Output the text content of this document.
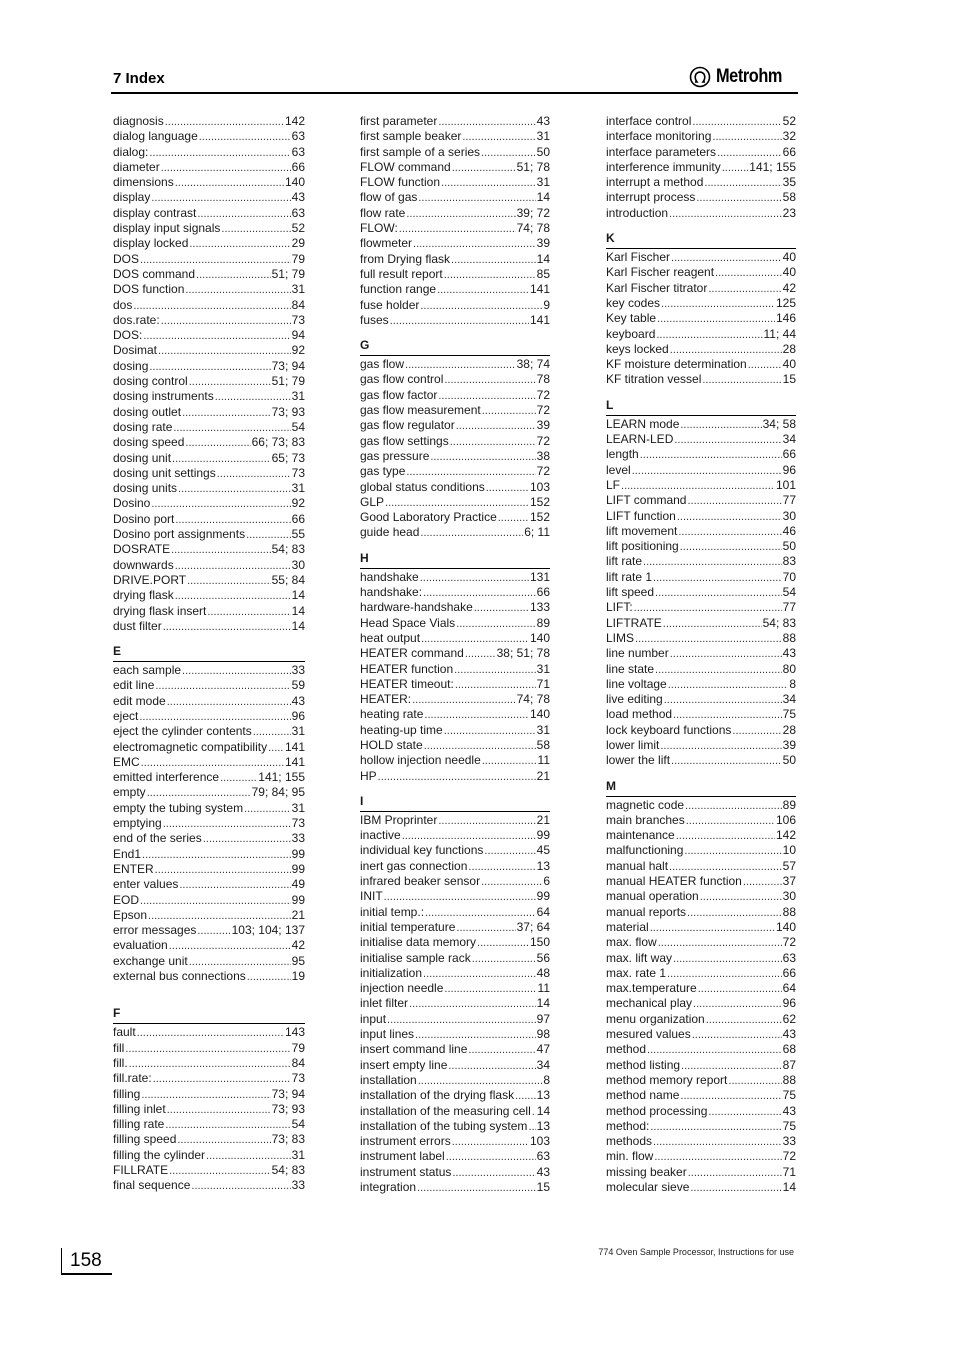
7 Index	Metrohm
diagnosis .....	142
dialog language .....	63
dialog: .....	63
diameter .....	66
dimensions .....	140
display .....	43
display contrast .....	63
display input signals .....	52
display locked .....	29
DOS .....	79
DOS command .....	51; 79
DOS function .....	31
dos .....	84
dos.rate: .....	73
DOS: .....	94
Dosimat .....	92
dosing .....	73; 94
dosing control .....	51; 79
dosing instruments .....	31
dosing outlet .....	73; 93
dosing rate .....	54
dosing speed .....	66; 73; 83
dosing unit .....	65; 73
dosing unit settings .....	73
dosing units .....	31
Dosino .....	92
Dosino port .....	66
Dosino port assignments .....	55
DOSRATE .....	54; 83
downwards .....	30
DRIVE.PORT .....	55; 84
drying flask .....	14
drying flask insert .....	14
dust filter .....	14
E
each sample .....	33
edit line .....	59
edit mode .....	43
eject .....	96
eject the cylinder contents .....	31
electromagnetic compatibility ..... 141
EMC .....	141
emitted interference .....	141; 155
empty .....	79; 84; 95
empty the tubing system .....	31
emptying .....	73
end of the series .....	33
End1 .....	99
ENTER .....	99
enter values .....	49
EOD .....	99
Epson .....	21
error messages .....	103; 104; 137
evaluation .....	42
exchange unit .....	95
external bus connections .....	19
F
fault .....	143
fill .....	79
fill. .....	84
fill.rate: .....	73
filling .....	73; 94
filling inlet .....	73; 93
filling rate .....	54
filling speed .....	73; 83
filling the cylinder .....	31
FILLRATE .....	54; 83
final sequence .....	33
first parameter .....	43
first sample beaker .....	31
first sample of a series .....	50
FLOW command .....	51; 78
FLOW function .....	31
flow of gas .....	14
flow rate .....	39; 72
FLOW: .....	74; 78
flowmeter .....	39
from Drying flask .....	14
full result report .....	85
function range .....	141
fuse holder .....	9
fuses .....	141
G
gas flow .....	38; 74
gas flow control .....	78
gas flow factor .....	72
gas flow measurement .....	72
gas flow regulator .....	39
gas flow settings .....	72
gas pressure .....	38
gas type .....	72
global status conditions .....	103
GLP .....	152
Good Laboratory Practice .....	152
guide head .....	6; 11
H
handshake .....	131
handshake: .....	66
hardware-handshake .....	133
Head Space Vials .....	89
heat output .....	140
HEATER command .....	38; 51; 78
HEATER function .....	31
HEATER timeout: .....	71
HEATER: .....	74; 78
heating rate .....	140
heating-up time .....	31
HOLD state .....	58
hollow injection needle .....	11
HP .....	21
I
IBM Proprinter .....	21
inactive .....	99
individual key functions .....	45
inert gas connection .....	13
infrared beaker sensor .....	6
INIT .....	99
initial temp.: .....	64
initial temperature .....	37; 64
initialise data memory .....	150
initialise sample rack .....	56
initialization .....	48
injection needle .....	11
inlet filter .....	14
input .....	97
input lines .....	98
insert command line .....	47
insert empty line .....	34
installation .....	8
installation of the drying flask ..... 13
installation of the measuring cell ..... 14
installation of the tubing system ..... 13
instrument errors .....	103
instrument label .....	63
instrument status .....	43
integration .....	15
interface control .....	52
interface monitoring .....	32
interface parameters .....	66
interference immunity ..... 141; 155
interrupt a method .....	35
interrupt process .....	58
introduction .....	23
K
Karl Fischer .....	40
Karl Fischer reagent .....	40
Karl Fischer titrator .....	42
key codes .....	125
Key table .....	146
keyboard .....	11; 44
keys locked .....	28
KF moisture determination .....	40
KF titration vessel .....	15
L
LEARN mode .....	34; 58
LEARN-LED .....	34
length .....	66
level .....	96
LF .....	101
LIFT command .....	77
LIFT function .....	30
lift movement .....	46
lift positioning .....	50
lift rate .....	83
lift rate 1 .....	70
lift speed .....	54
LIFT: .....	77
LIFTRATE .....	54; 83
LIMS .....	88
line number .....	43
line state .....	80
line voltage .....	8
live editing .....	34
load method .....	75
lock keyboard functions .....	28
lower limit .....	39
lower the lift .....	50
M
magnetic code .....	89
main branches .....	106
maintenance .....	142
malfunctioning .....	10
manual halt .....	57
manual HEATER function .....	37
manual operation .....	30
manual reports .....	88
material .....	140
max. flow .....	72
max. lift way .....	63
max. rate 1 .....	66
max.temperature .....	64
mechanical play .....	96
menu organization .....	62
mesured values .....	43
method .....	68
method listing .....	87
method memory report .....	88
method name .....	75
method processing .....	43
method: .....	75
methods .....	33
min. flow .....	72
missing beaker .....	71
molecular sieve .....	14
158	774 Oven Sample Processor, Instructions for use
